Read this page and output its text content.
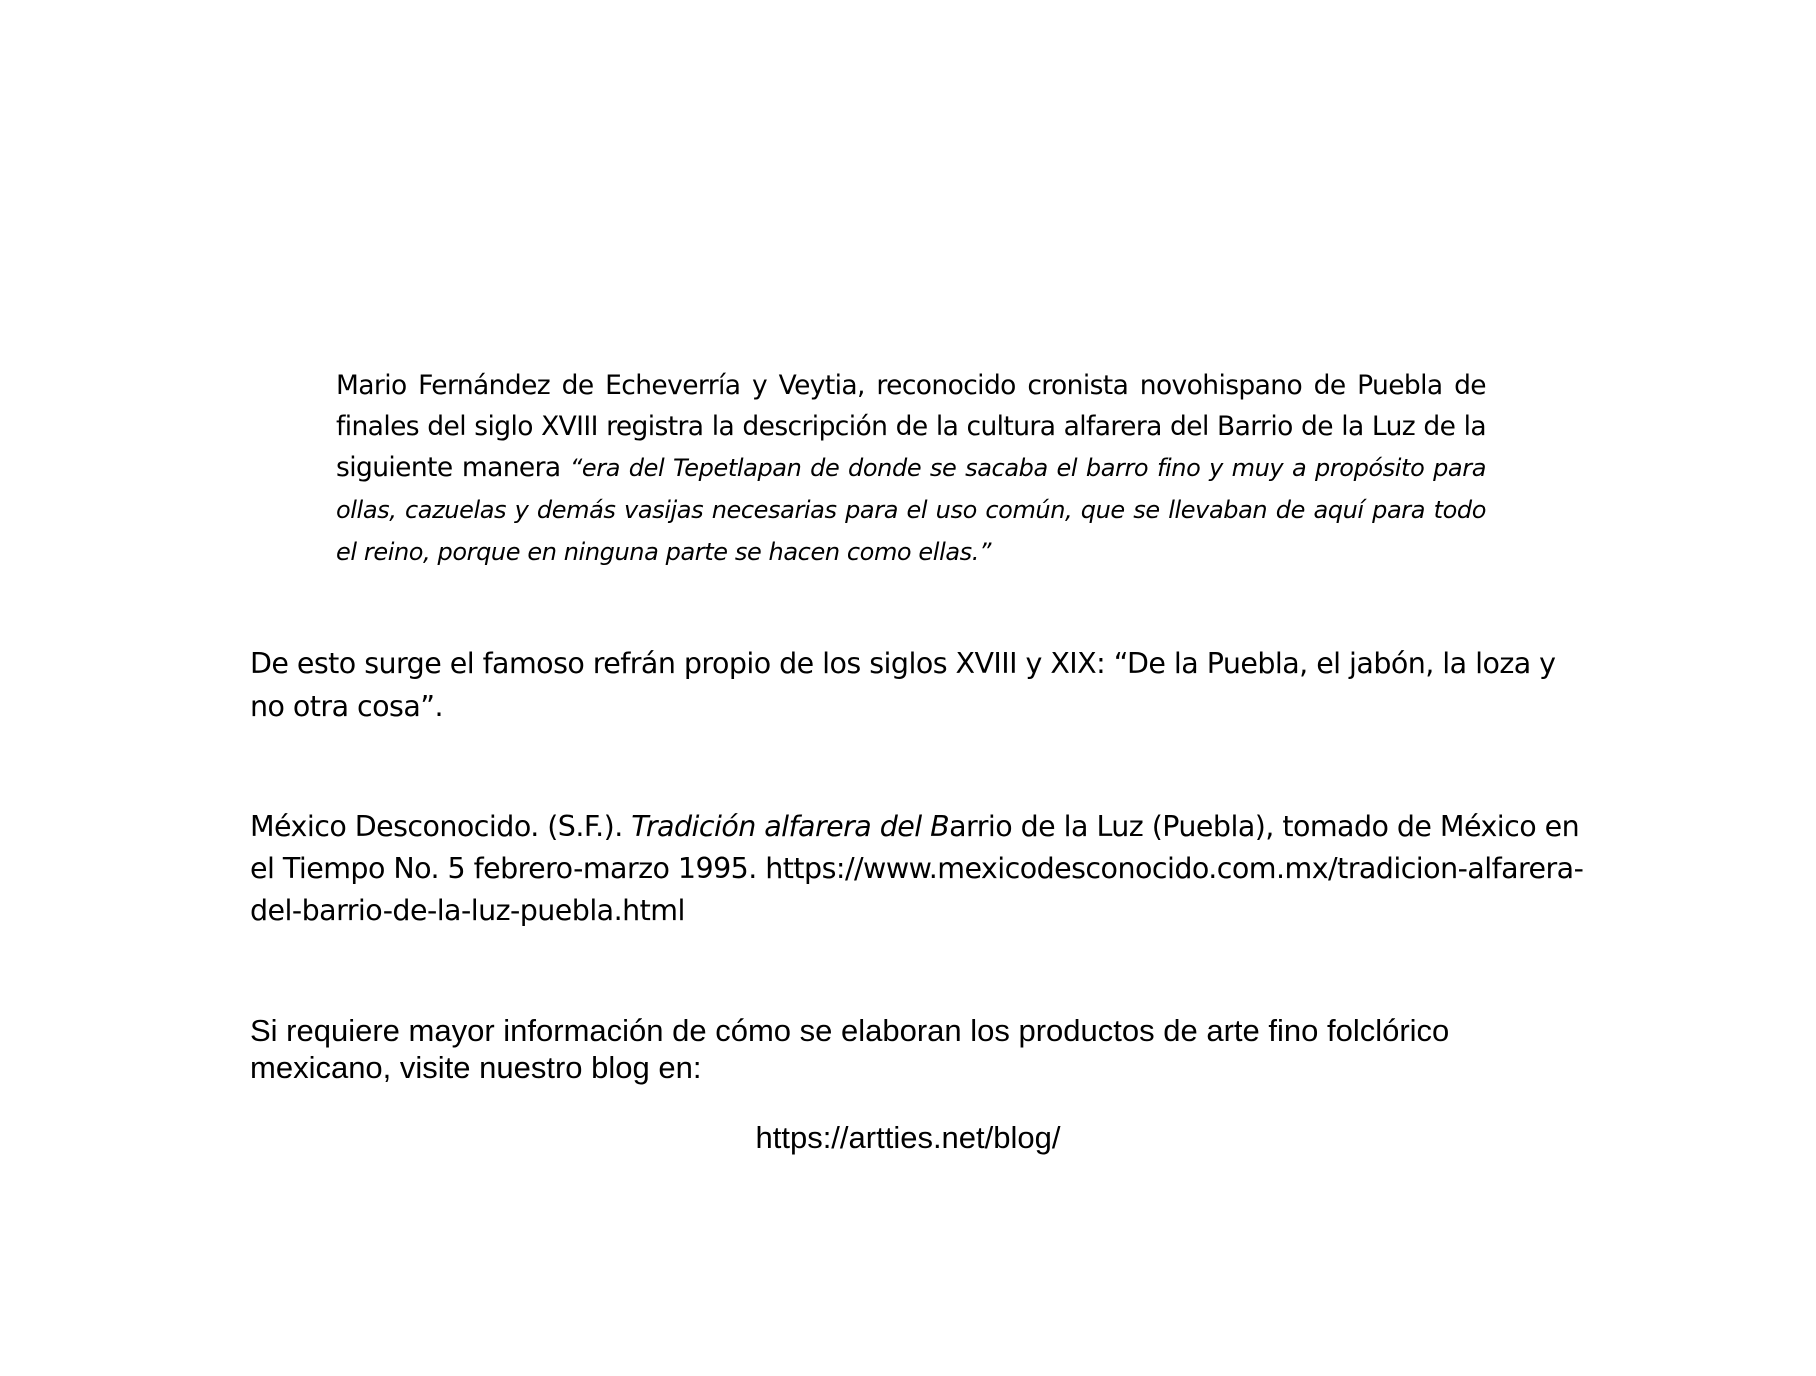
Mario Fernández de Echeverría y Veytia, reconocido cronista novohispano de Puebla de finales del siglo XVIII registra la descripción de la cultura alfarera del Barrio de la Luz de la siguiente manera “era del Tepetlapan de donde se sacaba el barro fino y muy a propósito para ollas, cazuelas y demás vasijas necesarias para el uso común, que se llevaban de aquí para todo el reino, porque en ninguna parte se hacen como ellas.”

De esto surge el famoso refrán propio de los siglos XVIII y XIX: “De la Puebla, el jabón, la loza y no otra cosa”.

México Desconocido. (S.F.). Tradición alfarera del Barrio de la Luz (Puebla), tomado de México en el Tiempo No. 5 febrero-marzo 1995. https://www.mexicodesconocido.com.mx/tradicion-alfarera-del-barrio-de-la-luz-puebla.html

Si requiere mayor información de cómo se elaboran los productos de arte fino folclórico mexicano, visite nuestro blog en:

https://artties.net/blog/
